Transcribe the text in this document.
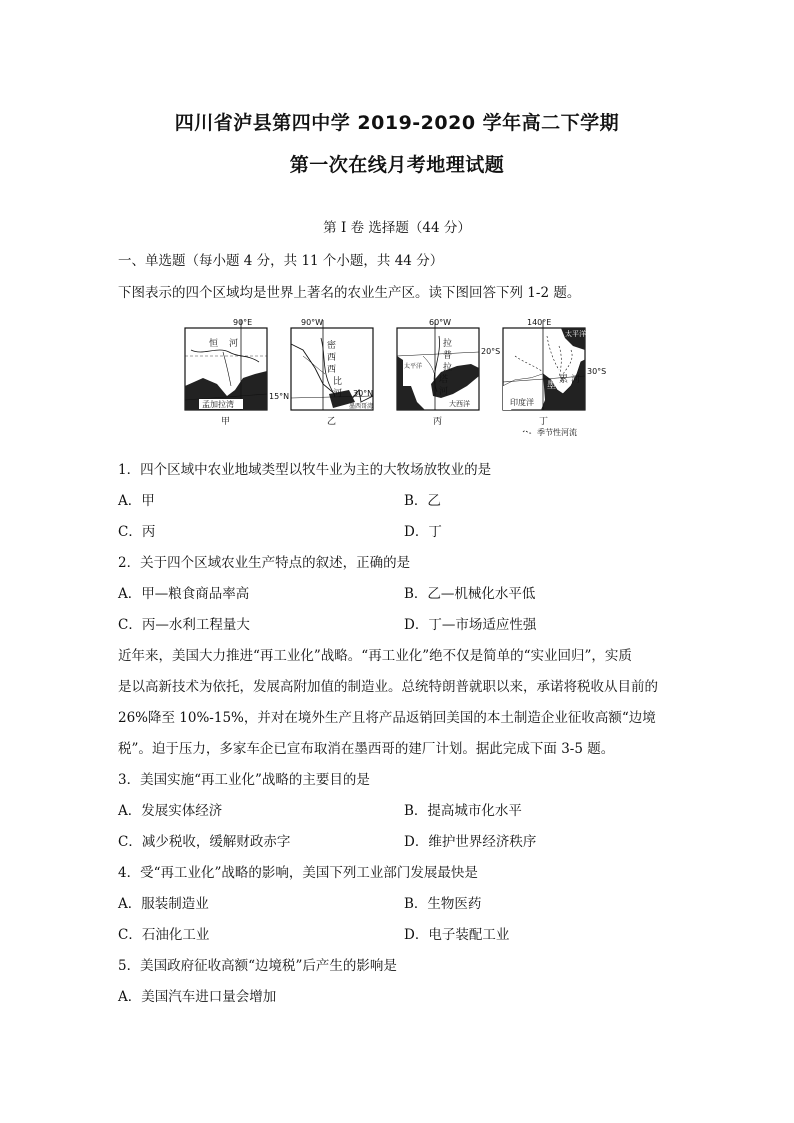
四川省泸县第四中学 2019-2020 学年高二下学期
第一次在线月考地理试题
第 I 卷 选择题（44 分）
一、单选题（每小题 4 分，共 11 个小题，共 44 分）
下图表示的四个区域均是世界上著名的农业生产区。读下图回答下列 1-2 题。
90°E
15°N
恒 河
孟加拉湾
甲
90°W
30°N
密
西
西
比
河
墨西哥湾
乙
60°W
20°S
拉
普
拉
塔
河
太平洋
大西洋
丙
140°E
30°S
太平洋
墨
累 河
印度洋
丁
季节性河流
1．四个区域中农业地域类型以牧牛业为主的大牧场放牧业的是
A．甲	B．乙
C．丙	D．丁
2．关于四个区域农业生产特点的叙述，正确的是
A．甲—粮食商品率高	B．乙—机械化水平低
C．丙—水利工程量大	D．丁—市场适应性强
近年来，美国大力推进“再工业化”战略。“再工业化”绝不仅是简单的“实业回归”，实质
是以高新技术为依托，发展高附加值的制造业。总统特朗普就职以来，承诺将税收从目前的
26%降至 10%-15%，并对在境外生产且将产品返销回美国的本土制造企业征收高额“边境
税”。迫于压力，多家车企已宣布取消在墨西哥的建厂计划。据此完成下面 3-5 题。
3．美国实施“再工业化”战略的主要目的是
A．发展实体经济	B．提高城市化水平
C．减少税收，缓解财政赤字	D．维护世界经济秩序
4．受“再工业化”战略的影响，美国下列工业部门发展最快是
A．服装制造业	B．生物医药
C．石油化工业	D．电子装配工业
5．美国政府征收高额“边境税”后产生的影响是
A．美国汽车进口量会增加
